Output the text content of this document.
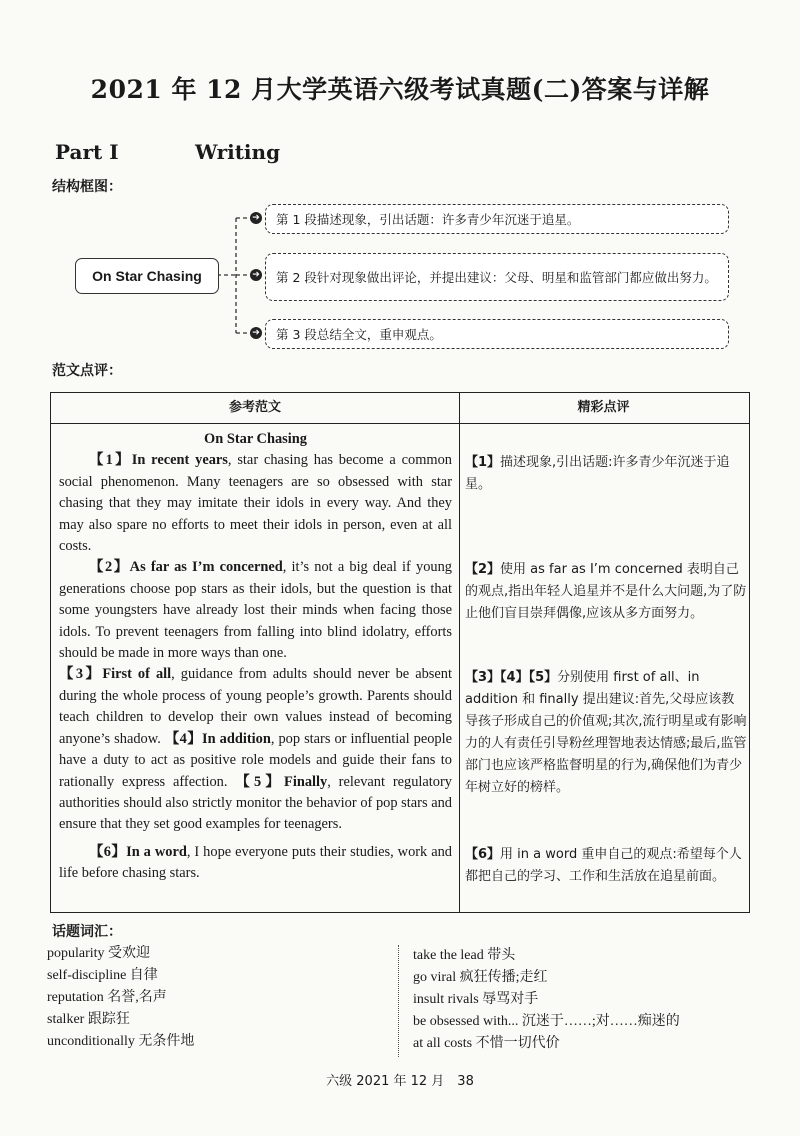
2021 年 12 月大学英语六级考试真题(二)答案与详解
Part Ⅰ	Writing
结构框图：
On Star Chasing
➔
➔
➔
第 1 段描述现象，引出话题：许多青少年沉迷于追星。
第 2 段针对现象做出评论，并提出建议：父母、明星和监管部门都应做出努力。
第 3 段总结全文，重申观点。
范文点评：
参考范文	精彩点评

On Star Chasing

【1】In recent years, star chasing has become a common social phenomenon. Many teenagers are so obsessed with star chasing that they may imitate their idols in every way. And they may also spare no efforts to meet their idols in person, even at all costs.

【2】As far as I’m concerned, it’s not a big deal if young generations choose pop stars as their idols, but the question is that some youngsters have already lost their minds when facing those idols. To prevent teenagers from falling into blind idolatry, efforts should be made in more ways than one.

【3】First of all, guidance from adults should never be absent during the whole process of young people’s growth. Parents should teach children to develop their own values instead of becoming anyone’s shadow. 【4】In addition, pop stars or influential people have a duty to act as positive role models and guide their fans to rationally express affection. 【5】Finally, relevant regulatory authorities should also strictly monitor the behavior of pop stars and ensure that they set good examples for teenagers.

【6】In a word, I hope everyone puts their studies, work and life before chasing stars.

【1】描述现象,引出话题:许多青少年沉迷于追星。
【2】使用 as far as I’m concerned 表明自己的观点,指出年轻人追星并不是什么大问题,为了防止他们盲目崇拜偶像,应该从多方面努力。
【3】【4】【5】分别使用 first of all、in addition 和 finally 提出建议:首先,父母应该教导孩子形成自己的价值观;其次,流行明星或有影响力的人有责任引导粉丝理智地表达情感;最后,监管部门也应该严格监督明星的行为,确保他们为青少年树立好的榜样。
【6】用 in a word 重申自己的观点:希望每个人都把自己的学习、工作和生活放在追星前面。
话题词汇：
popularity 受欢迎
self-discipline 自律
reputation 名誉,名声
stalker 跟踪狂
unconditionally 无条件地
take the lead 带头
go viral 疯狂传播;走红
insult rivals 辱骂对手
be obsessed with... 沉迷于……;对……痴迷的
at all costs 不惜一切代价
六级 2021 年 12 月　38
